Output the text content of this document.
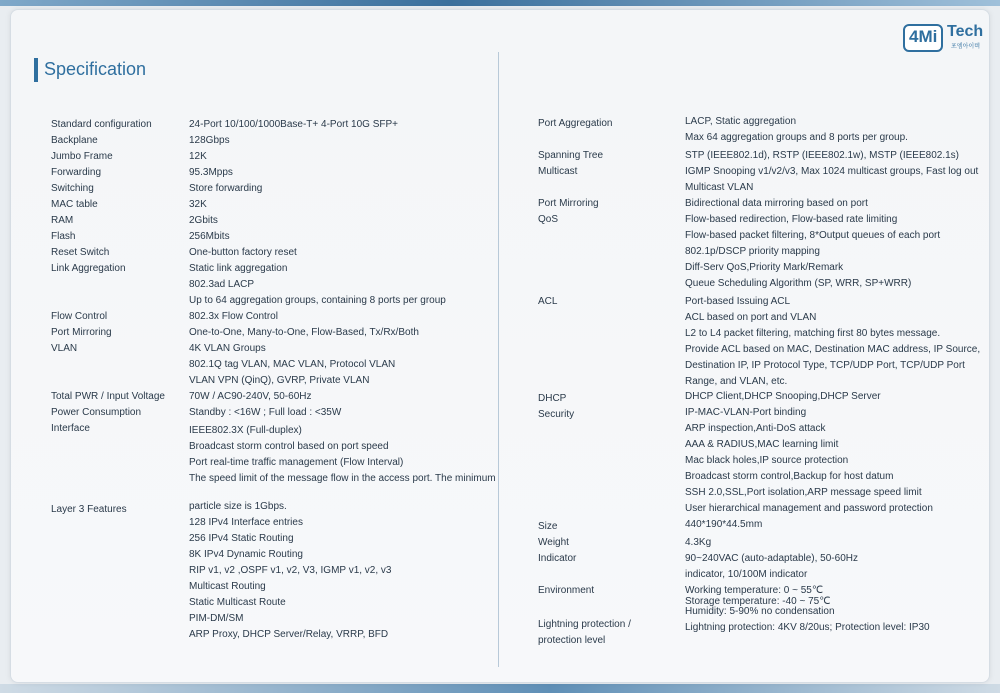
Specification
4Mi Tech
포엠아이텍
Standard configuration	24-Port 10/100/1000Base-T+ 4-Port 10G SFP+
Backplane	128Gbps
Jumbo Frame	12K
Forwarding	95.3Mpps
Switching	Store forwarding
MAC table	32K
RAM	2Gbits
Flash	256Mbits
Reset Switch	One-button factory reset
Link Aggregation	Static link aggregation
802.3ad LACP
Up to 64 aggregation groups, containing 8 ports per group
Flow Control	802.3x Flow Control
Port Mirroring	One-to-One, Many-to-One, Flow-Based, Tx/Rx/Both
VLAN	4K VLAN Groups
802.1Q tag VLAN, MAC VLAN, Protocol VLAN
VLAN VPN (QinQ), GVRP, Private VLAN
Total PWR / Input Voltage 70W / AC90-240V, 50-60Hz
Power Consumption	Standby : <16W ; Full load : <35W
Interface	IEEE802.3X (Full-duplex)
Broadcast storm control based on port speed
Port real-time traffic management (Flow Interval)
The speed limit of the message flow in the access port. The minimum
Layer 3 Features	particle size is 1Gbps.
128 IPv4 Interface entries
256 IPv4 Static Routing
8K IPv4 Dynamic Routing
RIP v1, v2 ,OSPF v1, v2, V3, IGMP v1, v2, v3
Multicast Routing
Static Multicast Route
PIM-DM/SM
ARP Proxy, DHCP Server/Relay, VRRP, BFD
Port Aggregation	LACP, Static aggregation
Max 64 aggregation groups and 8 ports per group.
Spanning Tree	STP (IEEE802.1d), RSTP (IEEE802.1w), MSTP (IEEE802.1s)
Multicast	IGMP Snooping v1/v2/v3, Max 1024 multicast groups, Fast log out
Multicast VLAN
Port Mirroring	Bidirectional data mirroring based on port
QoS	Flow-based redirection, Flow-based rate limiting
Flow-based packet filtering, 8*Output queues of each port
802.1p/DSCP priority mapping
Diff-Serv QoS,Priority Mark/Remark
Queue Scheduling Algorithm (SP, WRR, SP+WRR)
ACL	Port-based Issuing ACL
ACL based on port and VLAN
L2 to L4 packet filtering, matching first 80 bytes message.
Provide ACL based on MAC, Destination MAC address, IP Source,
Destination IP, IP Protocol Type, TCP/UDP Port, TCP/UDP Port
Range, and VLAN, etc.
DHCP	DHCP Client,DHCP Snooping,DHCP Server
Security	IP-MAC-VLAN-Port binding
ARP inspection,Anti-DoS attack
AAA & RADIUS,MAC learning limit
Mac black holes,IP source protection
Broadcast storm control,Backup for host datum
SSH 2.0,SSL,Port isolation,ARP message speed limit
User hierarchical management and password protection
Size	440*190*44.5mm
Weight	4.3Kg
Indicator	90~240VAC (auto-adaptable), 50-60Hz
indicator, 10/100M indicator
Environment	Working temperature: 0 ~ 55℃
Storage temperature: -40 ~ 75℃
Humidity: 5-90% no condensation
Lightning protection / protection level
Lightning protection: 4KV 8/20us; Protection level: IP30
